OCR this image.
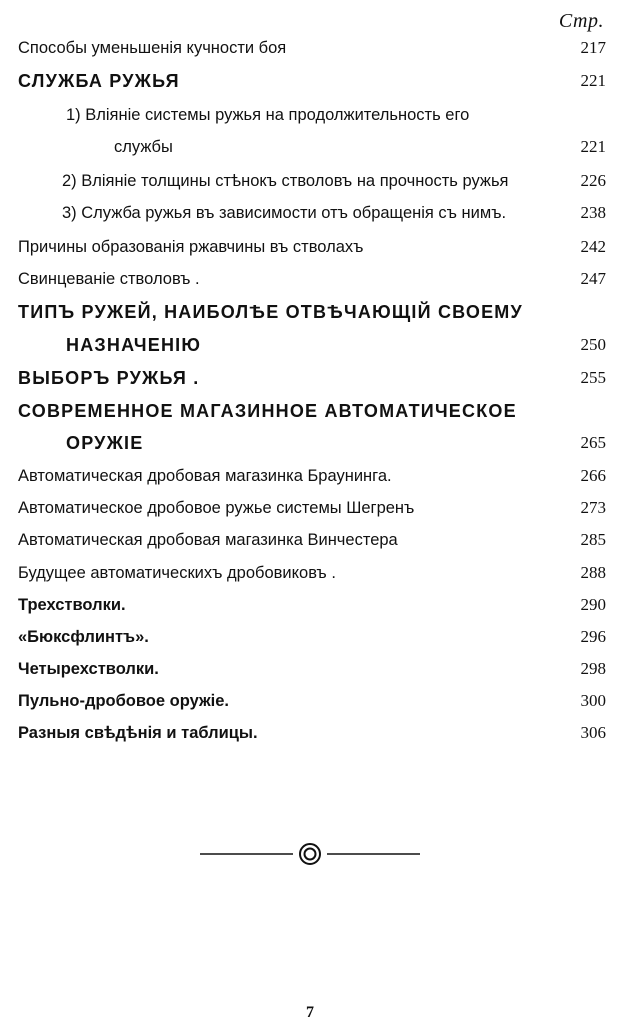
Стр.
Способы уменьшенія кучности боя	217
СЛУЖБА РУЖЬЯ	221
1) Вліяніе системы ружья на продолжительность его
службы	221
2) Вліяніе толщины стѣнокъ стволовъ на прочность ружья	226
3) Служба ружья въ зависимости отъ обращенія съ нимъ.	238
Причины образованія ржавчины въ стволахъ	242
Свинцеваніе стволовъ .	247
ТИПЪ РУЖЕЙ, НАИБОЛѢЕ ОТВѢЧАЮЩІЙ СВОЕМУ
НАЗНАЧЕНІЮ	250
ВЫБОРЪ РУЖЬЯ .	255
СОВРЕМЕННОЕ МАГАЗИННОЕ АВТОМАТИЧЕСКОЕ
ОРУЖІЕ	265
Автоматическая дробовая магазинка Браунинга.	266
Автоматическое дробовое ружье системы Шегренъ	273
Автоматическая дробовая магазинка Винчестера	285
Будущее автоматическихъ дробовиковъ .	288
Трехстволки.	290
«Бюксфлинтъ».	296
Четырехстволки.	298
Пульно-дробовое оружіе.	300
Разныя свѣдѣнія и таблицы.	306
7
